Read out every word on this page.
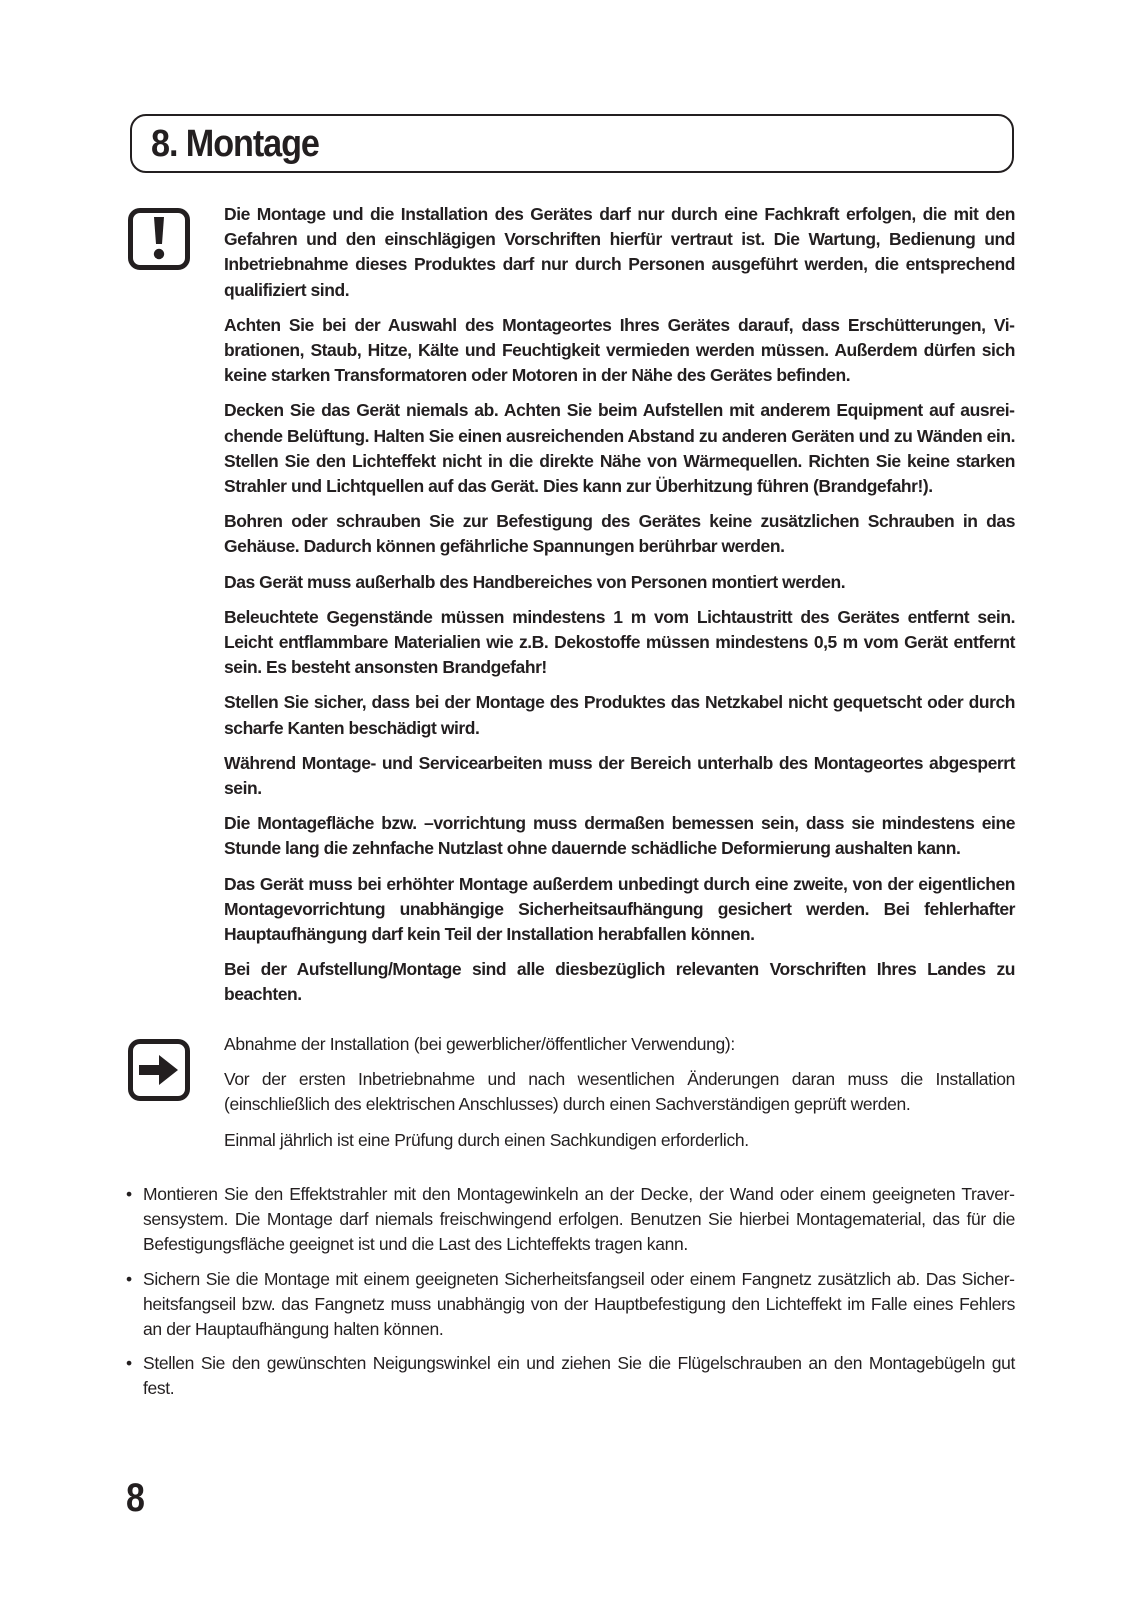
8. Montage

Die Montage und die Installation des Gerätes darf nur durch eine Fachkraft erfolgen, die mit den Gefahren und den einschlägigen Vorschriften hierfür vertraut ist. Die Wartung, Bedienung und Inbetriebnahme dieses Produktes darf nur durch Personen ausgeführt werden, die entsprechend qualifiziert sind.

Achten Sie bei der Auswahl des Montageortes Ihres Gerätes darauf, dass Erschütterungen, Vibrationen, Staub, Hitze, Kälte und Feuchtigkeit vermieden werden müssen. Außerdem dürfen sich keine starken Transformatoren oder Motoren in der Nähe des Gerätes befinden.

Decken Sie das Gerät niemals ab. Achten Sie beim Aufstellen mit anderem Equipment auf ausreichende Belüftung. Halten Sie einen ausreichenden Abstand zu anderen Geräten und zu Wänden ein. Stellen Sie den Lichteffekt nicht in die direkte Nähe von Wärmequellen. Richten Sie keine starken Strahler und Lichtquellen auf das Gerät. Dies kann zur Überhitzung führen (Brandgefahr!).

Bohren oder schrauben Sie zur Befestigung des Gerätes keine zusätzlichen Schrauben in das Gehäuse. Dadurch können gefährliche Spannungen berührbar werden.

Das Gerät muss außerhalb des Handbereiches von Personen montiert werden.

Beleuchtete Gegenstände müssen mindestens 1 m vom Lichtaustritt des Gerätes entfernt sein. Leicht entflammbare Materialien wie z.B. Dekostoffe müssen mindestens 0,5 m vom Gerät entfernt sein. Es besteht ansonsten Brandgefahr!

Stellen Sie sicher, dass bei der Montage des Produktes das Netzkabel nicht gequetscht oder durch scharfe Kanten beschädigt wird.

Während Montage- und Servicearbeiten muss der Bereich unterhalb des Montageortes abgesperrt sein.

Die Montagefläche bzw. –vorrichtung muss dermaßen bemessen sein, dass sie mindestens eine Stunde lang die zehnfache Nutzlast ohne dauernde schädliche Deformierung aushalten kann.

Das Gerät muss bei erhöhter Montage außerdem unbedingt durch eine zweite, von der eigentlichen Montagevorrichtung unabhängige Sicherheitsaufhängung gesichert werden. Bei fehlerhafter Hauptaufhängung darf kein Teil der Installation herabfallen können.

Bei der Aufstellung/Montage sind alle diesbezüglich relevanten Vorschriften Ihres Landes zu beachten.

Abnahme der Installation (bei gewerblicher/öffentlicher Verwendung):

Vor der ersten Inbetriebnahme und nach wesentlichen Änderungen daran muss die Installation (einschließlich des elektrischen Anschlusses) durch einen Sachverständigen geprüft werden.

Einmal jährlich ist eine Prüfung durch einen Sachkundigen erforderlich.

• Montieren Sie den Effektstrahler mit den Montagewinkeln an der Decke, der Wand oder einem geeigneten Traversensystem. Die Montage darf niemals freischwingend erfolgen. Benutzen Sie hierbei Montagematerial, das für die Befestigungsfläche geeignet ist und die Last des Lichteffekts tragen kann.
• Sichern Sie die Montage mit einem geeigneten Sicherheitsfangseil oder einem Fangnetz zusätzlich ab. Das Sicherheitsfangseil bzw. das Fangnetz muss unabhängig von der Hauptbefestigung den Lichteffekt im Falle eines Fehlers an der Hauptaufhängung halten können.
• Stellen Sie den gewünschten Neigungswinkel ein und ziehen Sie die Flügelschrauben an den Montagebügeln gut fest.
8
